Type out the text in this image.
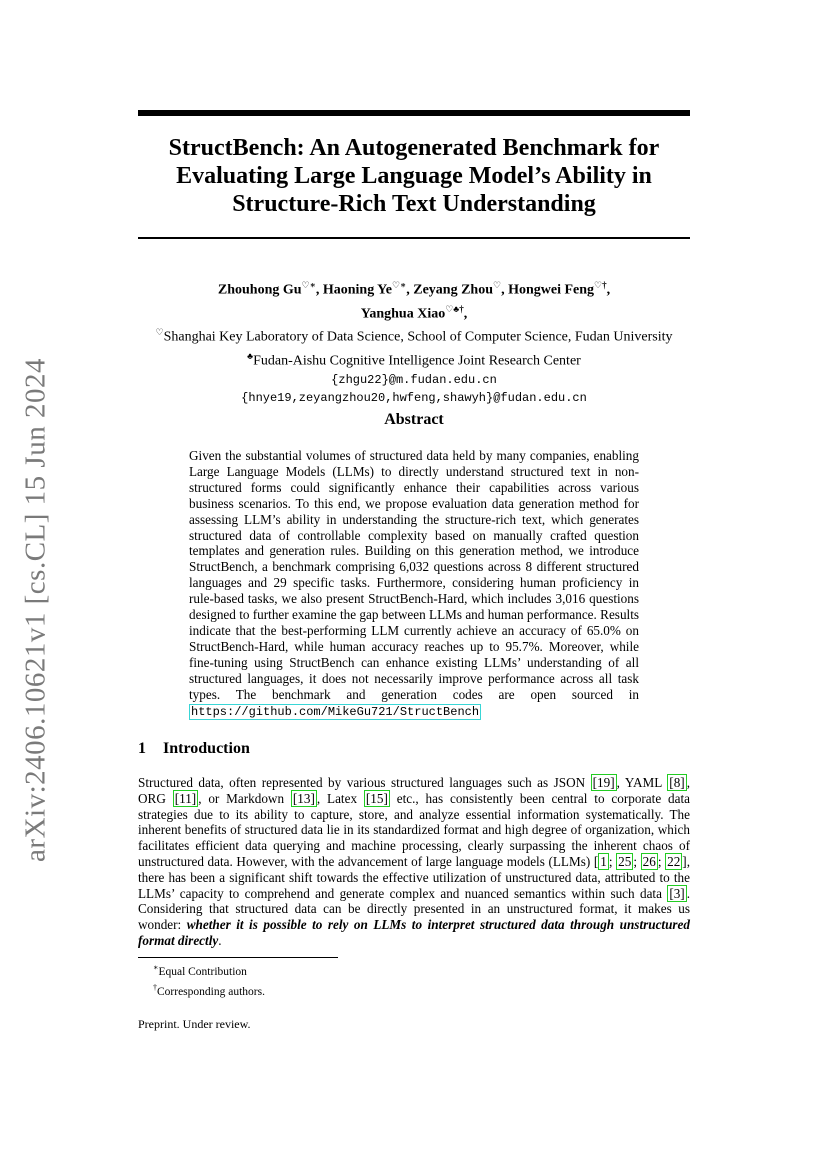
arXiv:2406.10621v1 [cs.CL] 15 Jun 2024
StructBench: An Autogenerated Benchmark for Evaluating Large Language Model’s Ability in Structure-Rich Text Understanding
Zhouhong Gu♡∗, Haoning Ye♡∗, Zeyang Zhou♡, Hongwei Feng♡†,
Yanghua Xiao♡♣†,
♡Shanghai Key Laboratory of Data Science, School of Computer Science, Fudan University
♣Fudan-Aishu Cognitive Intelligence Joint Research Center
{zhgu22}@m.fudan.edu.cn
{hnye19,zeyangzhou20,hwfeng,shawyh}@fudan.edu.cn
Abstract
Given the substantial volumes of structured data held by many companies, enabling Large Language Models (LLMs) to directly understand structured text in non-structured forms could significantly enhance their capabilities across various business scenarios. To this end, we propose evaluation data generation method for assessing LLM’s ability in understanding the structure-rich text, which generates structured data of controllable complexity based on manually crafted question templates and generation rules. Building on this generation method, we introduce StructBench, a benchmark comprising 6,032 questions across 8 different structured languages and 29 specific tasks. Furthermore, considering human proficiency in rule-based tasks, we also present StructBench-Hard, which includes 3,016 questions designed to further examine the gap between LLMs and human performance. Results indicate that the best-performing LLM currently achieve an accuracy of 65.0% on StructBench-Hard, while human accuracy reaches up to 95.7%. Moreover, while fine-tuning using StructBench can enhance existing LLMs’ understanding of all structured languages, it does not necessarily improve performance across all task types. The benchmark and generation codes are open sourced in https://github.com/MikeGu721/StructBench
1 Introduction
Structured data, often represented by various structured languages such as JSON [19] , YAML [8] , ORG [11] , or Markdown [13] , Latex [15] etc., has consistently been central to corporate data strategies due to its ability to capture, store, and analyze essential information systematically. The inherent benefits of structured data lie in its standardized format and high degree of organization, which facilitates efficient data querying and machine processing, clearly surpassing the inherent chaos of unstructured data. However, with the advancement of large language models (LLMs) [ 1 ; 25 ; 26 ; 22 ], there has been a significant shift towards the effective utilization of unstructured data, attributed to the LLMs’ capacity to comprehend and generate complex and nuanced semantics within such data [3] . Considering that structured data can be directly presented in an unstructured format, it makes us wonder: whether it is possible to rely on LLMs to interpret structured data through unstructured format directly.
∗Equal Contribution
†Corresponding authors.
Preprint. Under review.
